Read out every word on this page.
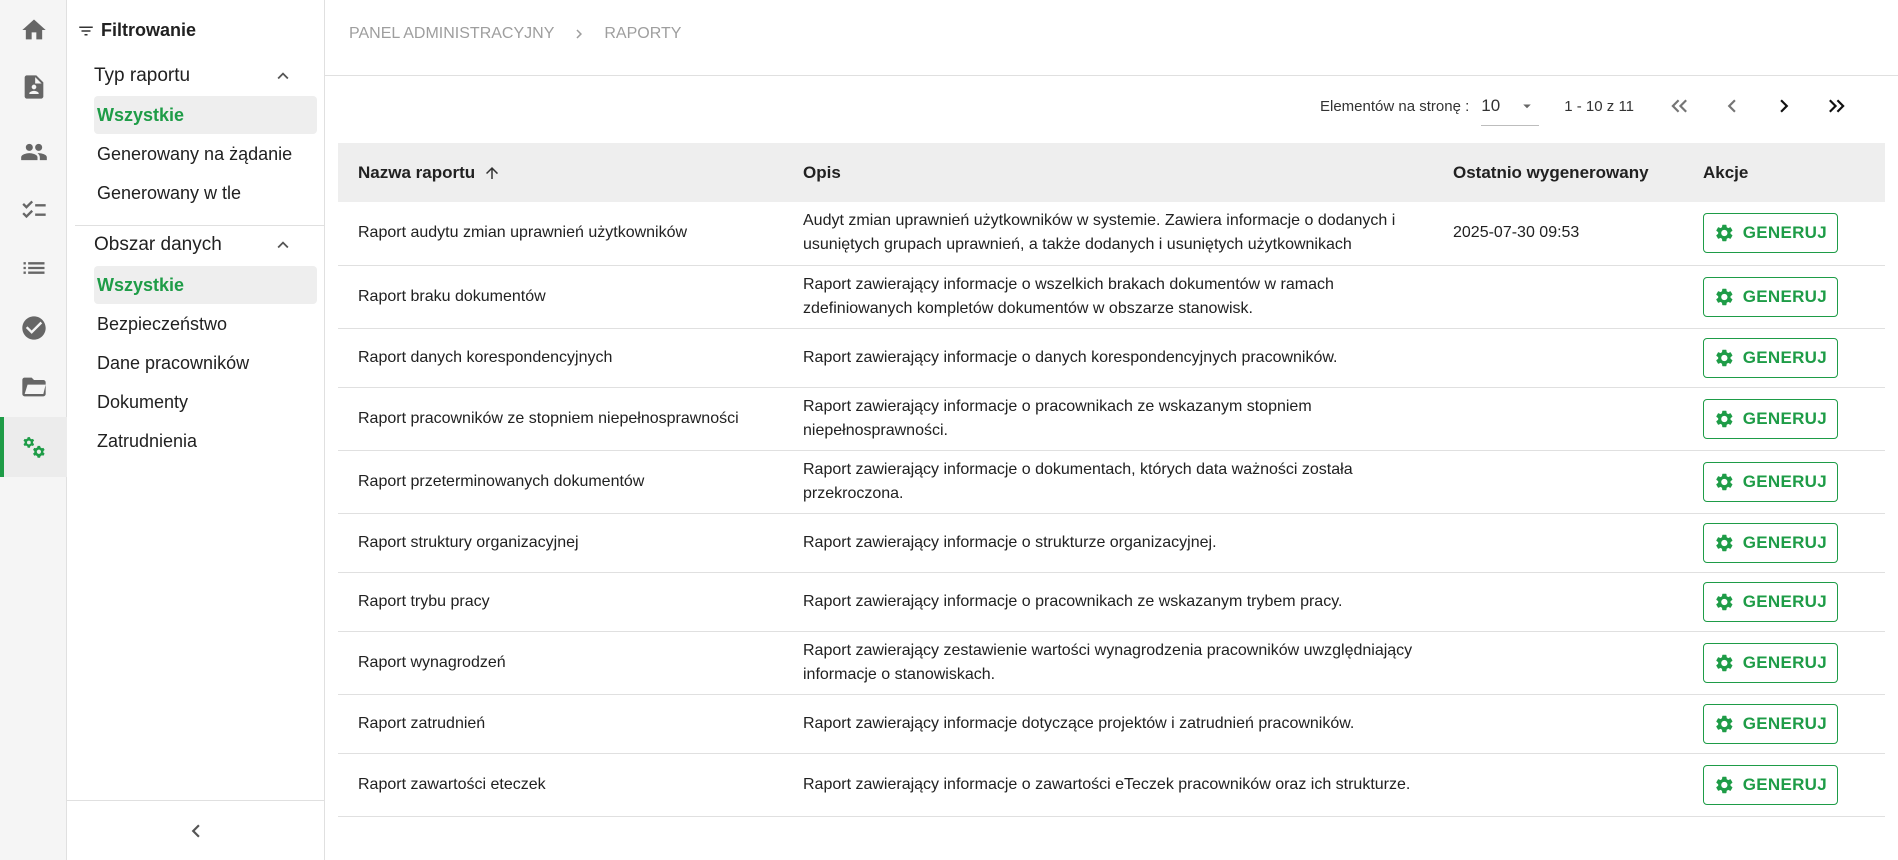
Filtrowanie
Typ raportu
Wszystkie
Generowany na żądanie
Generowany w tle
Obszar danych
Wszystkie
Bezpieczeństwo
Dane pracowników
Dokumenty
Zatrudnienia
PANEL ADMINISTRACYJNY	RAPORTY
Elementów na stronę : 10	1 - 10 z 11
Nazwa raportu	Opis	Ostatnio wygenerowany	Akcje
Raport audytu zmian uprawnień użytkowników	Audyt zmian uprawnień użytkowników w systemie. Zawiera informacje o dodanych i usuniętych grupach uprawnień, a także dodanych i usuniętych użytkownikach	2025-07-30 09:53	GENERUJ

Raport braku dokumentów	Raport zawierający informacje o wszelkich brakach dokumentów w ramach zdefiniowanych kompletów dokumentów w obszarze stanowisk.		GENERUJ

Raport danych korespondencyjnych	Raport zawierający informacje o danych korespondencyjnych pracowników.		GENERUJ

Raport pracowników ze stopniem niepełnosprawności	Raport zawierający informacje o pracownikach ze wskazanym stopniem niepełnosprawności.		GENERUJ

Raport przeterminowanych dokumentów	Raport zawierający informacje o dokumentach, których data ważności została przekroczona.		GENERUJ

Raport struktury organizacyjnej	Raport zawierający informacje o strukturze organizacyjnej.		GENERUJ

Raport trybu pracy	Raport zawierający informacje o pracownikach ze wskazanym trybem pracy.		GENERUJ

Raport wynagrodzeń	Raport zawierający zestawienie wartości wynagrodzenia pracowników uwzględniający informacje o stanowiskach.		GENERUJ

Raport zatrudnień	Raport zawierający informacje dotyczące projektów i zatrudnień pracowników.		GENERUJ

Raport zawartości eteczek	Raport zawierający informacje o zawartości eTeczek pracowników oraz ich strukturze.		GENERUJ
